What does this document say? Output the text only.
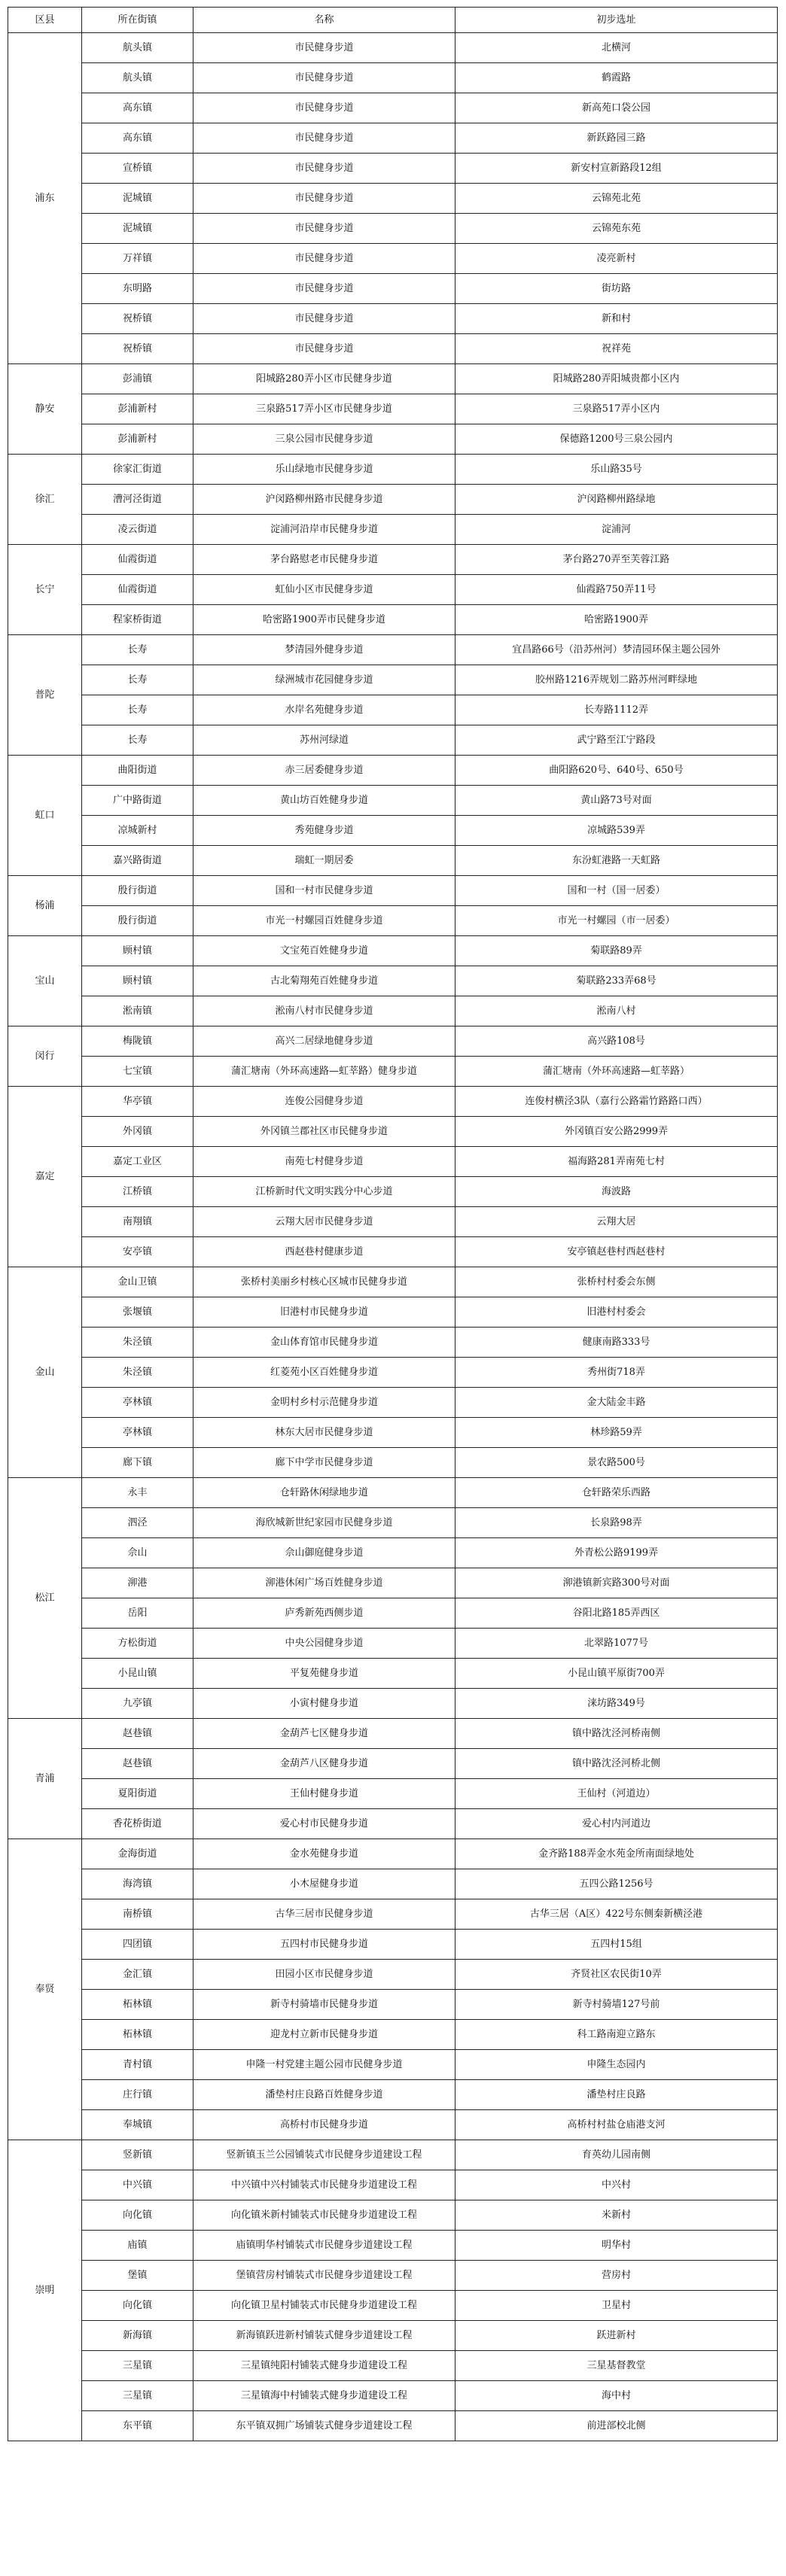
区县	所在街镇	名称	初步选址
浦东	航头镇	市民健身步道	北横河
	航头镇	市民健身步道	鹤霞路
	高东镇	市民健身步道	新高苑口袋公园
	高东镇	市民健身步道	新跃路园三路
	宣桥镇	市民健身步道	新安村宣新路段12组
	泥城镇	市民健身步道	云锦苑北苑
	泥城镇	市民健身步道	云锦苑东苑
	万祥镇	市民健身步道	凌亮新村
	东明路	市民健身步道	街坊路
	祝桥镇	市民健身步道	新和村
	祝桥镇	市民健身步道	祝祥苑
静安	彭浦镇	阳城路280弄小区市民健身步道	阳城路280弄阳城贵都小区内
	彭浦新村	三泉路517弄小区市民健身步道	三泉路517弄小区内
	彭浦新村	三泉公园市民健身步道	保德路1200号三泉公园内
徐汇	徐家汇街道	乐山绿地市民健身步道	乐山路35号
	漕河泾街道	沪闵路柳州路市民健身步道	沪闵路柳州路绿地
	凌云街道	淀浦河沿岸市民健身步道	淀浦河
长宁	仙霞街道	茅台路慰老市民健身步道	茅台路270弄至芙蓉江路
	仙霞街道	虹仙小区市民健身步道	仙霞路750弄11号
	程家桥街道	哈密路1900弄市民健身步道	哈密路1900弄
普陀	长寿	梦清园外健身步道	宜昌路66号（沿苏州河）梦清园环保主题公园外
	长寿	绿洲城市花园健身步道	胶州路1216弄规划二路苏州河畔绿地
	长寿	水岸名苑健身步道	长寿路1112弄
	长寿	苏州河绿道	武宁路至江宁路段
虹口	曲阳街道	赤三居委健身步道	曲阳路620号、640号、650号
	广中路街道	黄山坊百姓健身步道	黄山路73号对面
	凉城新村	秀苑健身步道	凉城路539弄
	嘉兴路街道	瑞虹一期居委	东汾虹港路一天虹路
杨浦	殷行街道	国和一村市民健身步道	国和一村（国一居委）
	殷行街道	市光一村螺园百姓健身步道	市光一村螺园（市一居委）
宝山	顾村镇	文宝苑百姓健身步道	菊联路89弄
	顾村镇	古北菊翔苑百姓健身步道	菊联路233弄68号
	淞南镇	淞南八村市民健身步道	淞南八村
闵行	梅陇镇	高兴二居绿地健身步道	高兴路108号
	七宝镇	蒲汇塘南（外环高速路—虹莘路）健身步道	蒲汇塘南（外环高速路—虹莘路）
嘉定	华亭镇	连俊公园健身步道	连俊村横泾3队（嘉行公路霜竹路路口西）
	外冈镇	外冈镇兰郡社区市民健身步道	外冈镇百安公路2999弄
	嘉定工业区	南苑七村健身步道	福海路281弄南苑七村
	江桥镇	江桥新时代文明实践分中心步道	海波路
	南翔镇	云翔大居市民健身步道	云翔大居
	安亭镇	西赵巷村健康步道	安亭镇赵巷村西赵巷村
金山	金山卫镇	张桥村美丽乡村核心区城市民健身步道	张桥村村委会东侧
	张堰镇	旧港村市民健身步道	旧港村村委会
	朱泾镇	金山体育馆市民健身步道	健康南路333号
	朱泾镇	红菱苑小区百姓健身步道	秀州街718弄
	亭林镇	金明村乡村示范健身步道	金大陆金丰路
	亭林镇	林东大居市民健身步道	林珍路59弄
	廊下镇	廊下中学市民健身步道	景农路500号
松江	永丰	仓轩路休闲绿地步道	仓轩路荣乐西路
	泗泾	海欣城新世纪家园市民健身步道	长泉路98弄
	佘山	佘山御庭健身步道	外青松公路9199弄
	泖港	泖港休闲广场百姓健身步道	泖港镇新宾路300号对面
	岳阳	庐秀新苑西侧步道	谷阳北路185弄西区
	方松街道	中央公园健身步道	北翠路1077号
	小昆山镇	平复苑健身步道	小昆山镇平原街700弄
	九亭镇	小寅村健身步道	涞坊路349号
青浦	赵巷镇	金葫芦七区健身步道	镇中路沈泾河桥南侧
	赵巷镇	金葫芦八区健身步道	镇中路沈泾河桥北侧
	夏阳街道	王仙村健身步道	王仙村（河道边）
	香花桥街道	爱心村市民健身步道	爱心村内河道边
奉贤	金海街道	金水苑健身步道	金齐路188弄金水苑金所南面绿地处
	海湾镇	小木屋健身步道	五四公路1256号
	南桥镇	古华三居市民健身步道	古华三居（A区）422号东侧秦新横泾港
	四团镇	五四村市民健身步道	五四村15组
	金汇镇	田园小区市民健身步道	齐贤社区农民街10弄
	柘林镇	新寺村骑墙市民健身步道	新寺村骑墙127号前
	柘林镇	迎龙村立新市民健身步道	科工路南迎立路东
	青村镇	申隆一村党建主题公园市民健身步道	申隆生态园内
	庄行镇	潘垫村庄良路百姓健身步道	潘垫村庄良路
	奉城镇	高桥村市民健身步道	高桥村村盐仓庙港支河
崇明	竖新镇	竖新镇玉兰公园铺装式市民健身步道建设工程	育英幼儿园南侧
	中兴镇	中兴镇中兴村铺装式市民健身步道建设工程	中兴村
	向化镇	向化镇米新村铺装式市民健身步道建设工程	米新村
	庙镇	庙镇明华村铺装式市民健身步道建设工程	明华村
	堡镇	堡镇营房村铺装式市民健身步道建设工程	营房村
	向化镇	向化镇卫星村铺装式市民健身步道建设工程	卫星村
	新海镇	新海镇跃进新村铺装式健身步道建设工程	跃进新村
	三星镇	三星镇纯阳村铺装式健身步道建设工程	三星基督教堂
	三星镇	三星镇海中村铺装式健身步道建设工程	海中村
	东平镇	东平镇双拥广场铺装式健身步道建设工程	前进部校北侧
